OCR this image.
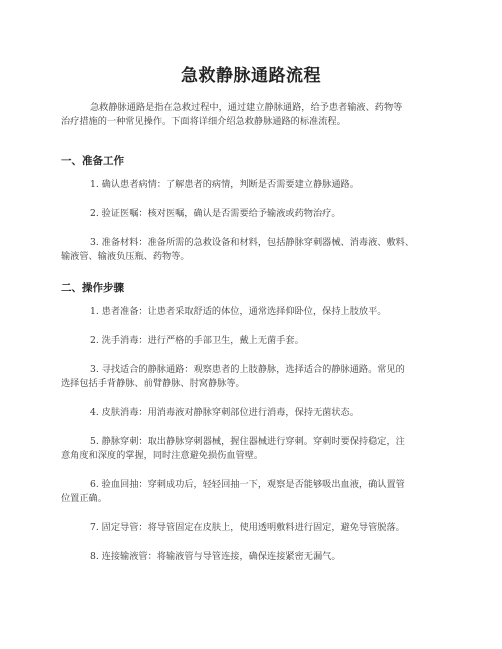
急救静脉通路流程
急救静脉通路是指在急救过程中，通过建立静脉通路，给予患者输液、药物等
治疗措施的一种常见操作。下面将详细介绍急救静脉通路的标准流程。
一、准备工作
1. 确认患者病情：了解患者的病情，判断是否需要建立静脉通路。
2. 验证医嘱：核对医嘱，确认是否需要给予输液或药物治疗。
3. 准备材料：准备所需的急救设备和材料，包括静脉穿刺器械、消毒液、敷料、
输液管、输液负压瓶、药物等。
二、操作步骤
1. 患者准备：让患者采取舒适的体位，通常选择仰卧位，保持上肢放平。
2. 洗手消毒：进行严格的手部卫生，戴上无菌手套。
3. 寻找适合的静脉通路：观察患者的上肢静脉，选择适合的静脉通路。常见的
选择包括手背静脉、前臂静脉、肘窝静脉等。
4. 皮肤消毒：用消毒液对静脉穿刺部位进行消毒，保持无菌状态。
5. 静脉穿刺：取出静脉穿刺器械，握住器械进行穿刺。穿刺时要保持稳定，注
意角度和深度的掌握，同时注意避免损伤血管壁。
6. 验血回抽：穿刺成功后，轻轻回抽一下，观察是否能够吸出血液，确认置管
位置正确。
7. 固定导管：将导管固定在皮肤上，使用透明敷料进行固定，避免导管脱落。
8. 连接输液管：将输液管与导管连接，确保连接紧密无漏气。
